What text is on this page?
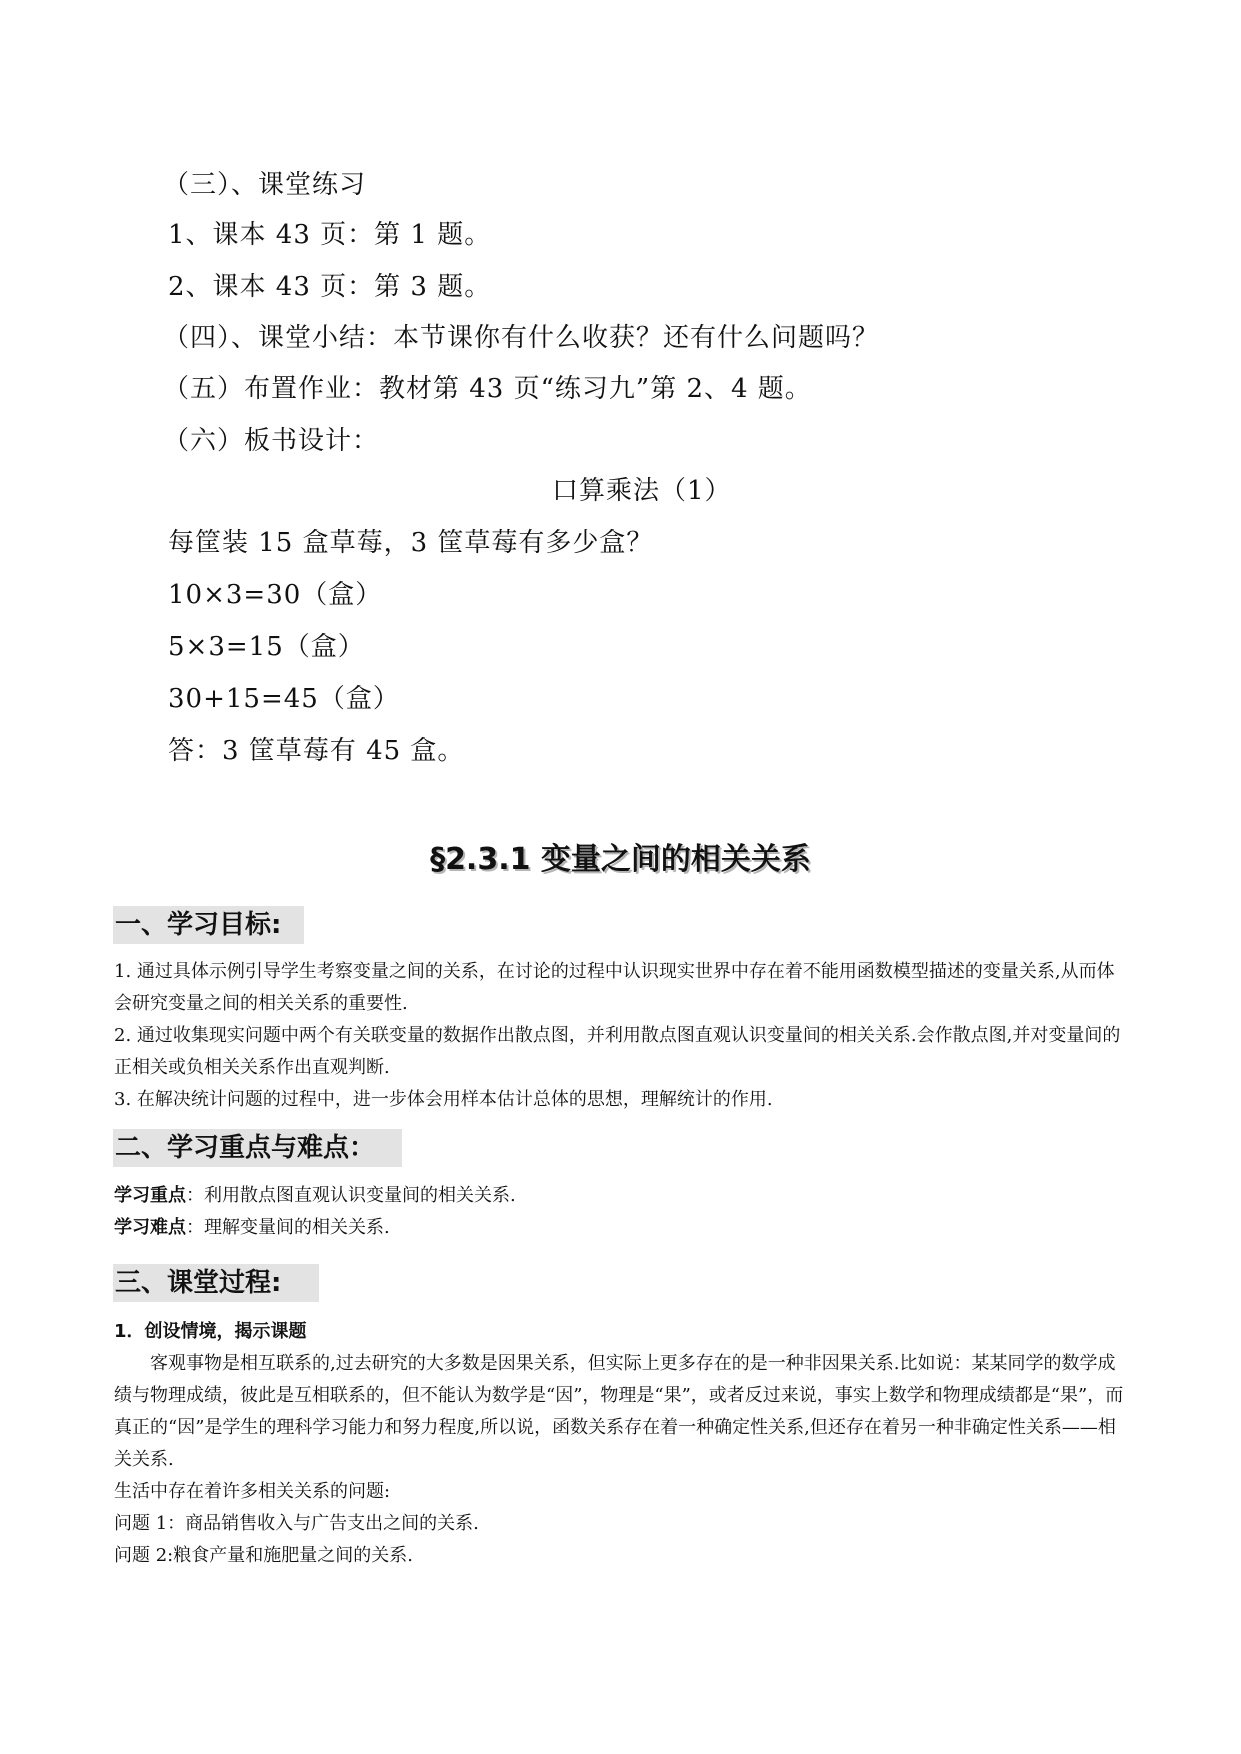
（三）、课堂练习
1、课本 43 页：第 1 题。
2、课本 43 页：第 3 题。
（四）、课堂小结：本节课你有什么收获？还有什么问题吗？
（五）布置作业：教材第 43 页“练习九”第 2、4 题。
（六）板书设计：
口算乘法（1）
每筐装 15 盒草莓，3 筐草莓有多少盒？
10×3=30（盒）
5×3=15（盒）
30+15=45（盒）
答：3 筐草莓有 45 盒。
§2.3.1 变量之间的相关关系
一、学习目标:
1. 通过具体示例引导学生考察变量之间的关系，在讨论的过程中认识现实世界中存在着不能用函数模型描述的变量关系,从而体会研究变量之间的相关关系的重要性.
2. 通过收集现实问题中两个有关联变量的数据作出散点图，并利用散点图直观认识变量间的相关关系.会作散点图,并对变量间的正相关或负相关关系作出直观判断.
3. 在解决统计问题的过程中，进一步体会用样本估计总体的思想，理解统计的作用.
二、学习重点与难点：
学习重点：利用散点图直观认识变量间的相关关系.
学习难点：理解变量间的相关关系.
三、课堂过程:
1．创设情境，揭示课题
客观事物是相互联系的,过去研究的大多数是因果关系，但实际上更多存在的是一种非因果关系.比如说：某某同学的数学成绩与物理成绩，彼此是互相联系的，但不能认为数学是“因”，物理是“果”，或者反过来说，事实上数学和物理成绩都是“果”，而真正的“因”是学生的理科学习能力和努力程度,所以说，函数关系存在着一种确定性关系,但还存在着另一种非确定性关系——相关关系.
生活中存在着许多相关关系的问题:
问题 1：商品销售收入与广告支出之间的关系.
问题 2:粮食产量和施肥量之间的关系.
